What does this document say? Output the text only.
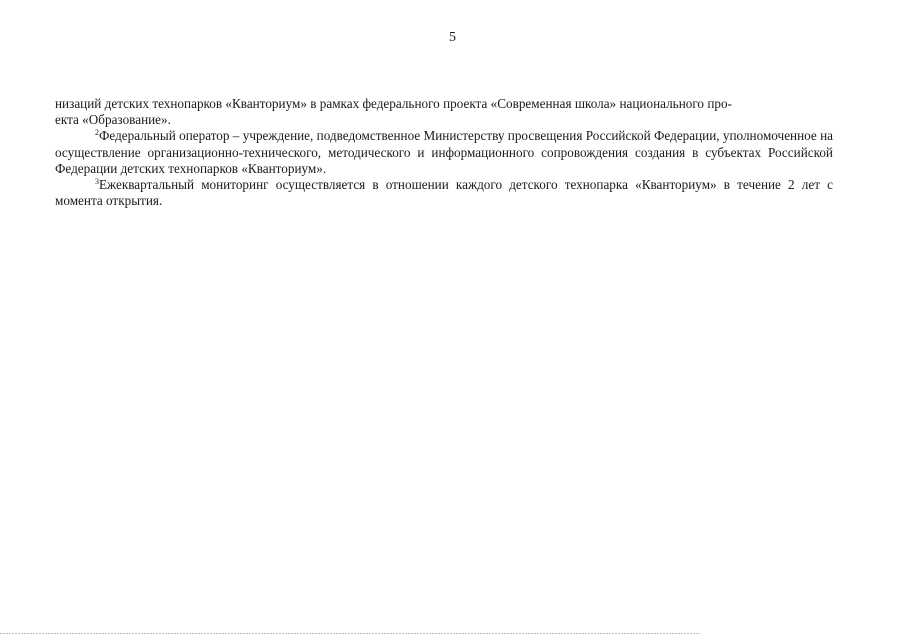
5

низаций детских технопарков «Кванториум» в рамках федерального проекта «Современная школа» национального про-

екта «Образование».

$^2$Федеральный оператор – учреждение, подведомственное Министерству просвещения Российской Федерации, уполномоченное на осуществление организационно-технического, методического и информационного сопровождения создания в субъектах Российской Федерации детских технопарков «Кванториум».

$^3$Ежеквартальный мониторинг осуществляется в отношении каждого детского технопарка «Кванториум» в течение 2 лет с момента открытия.
